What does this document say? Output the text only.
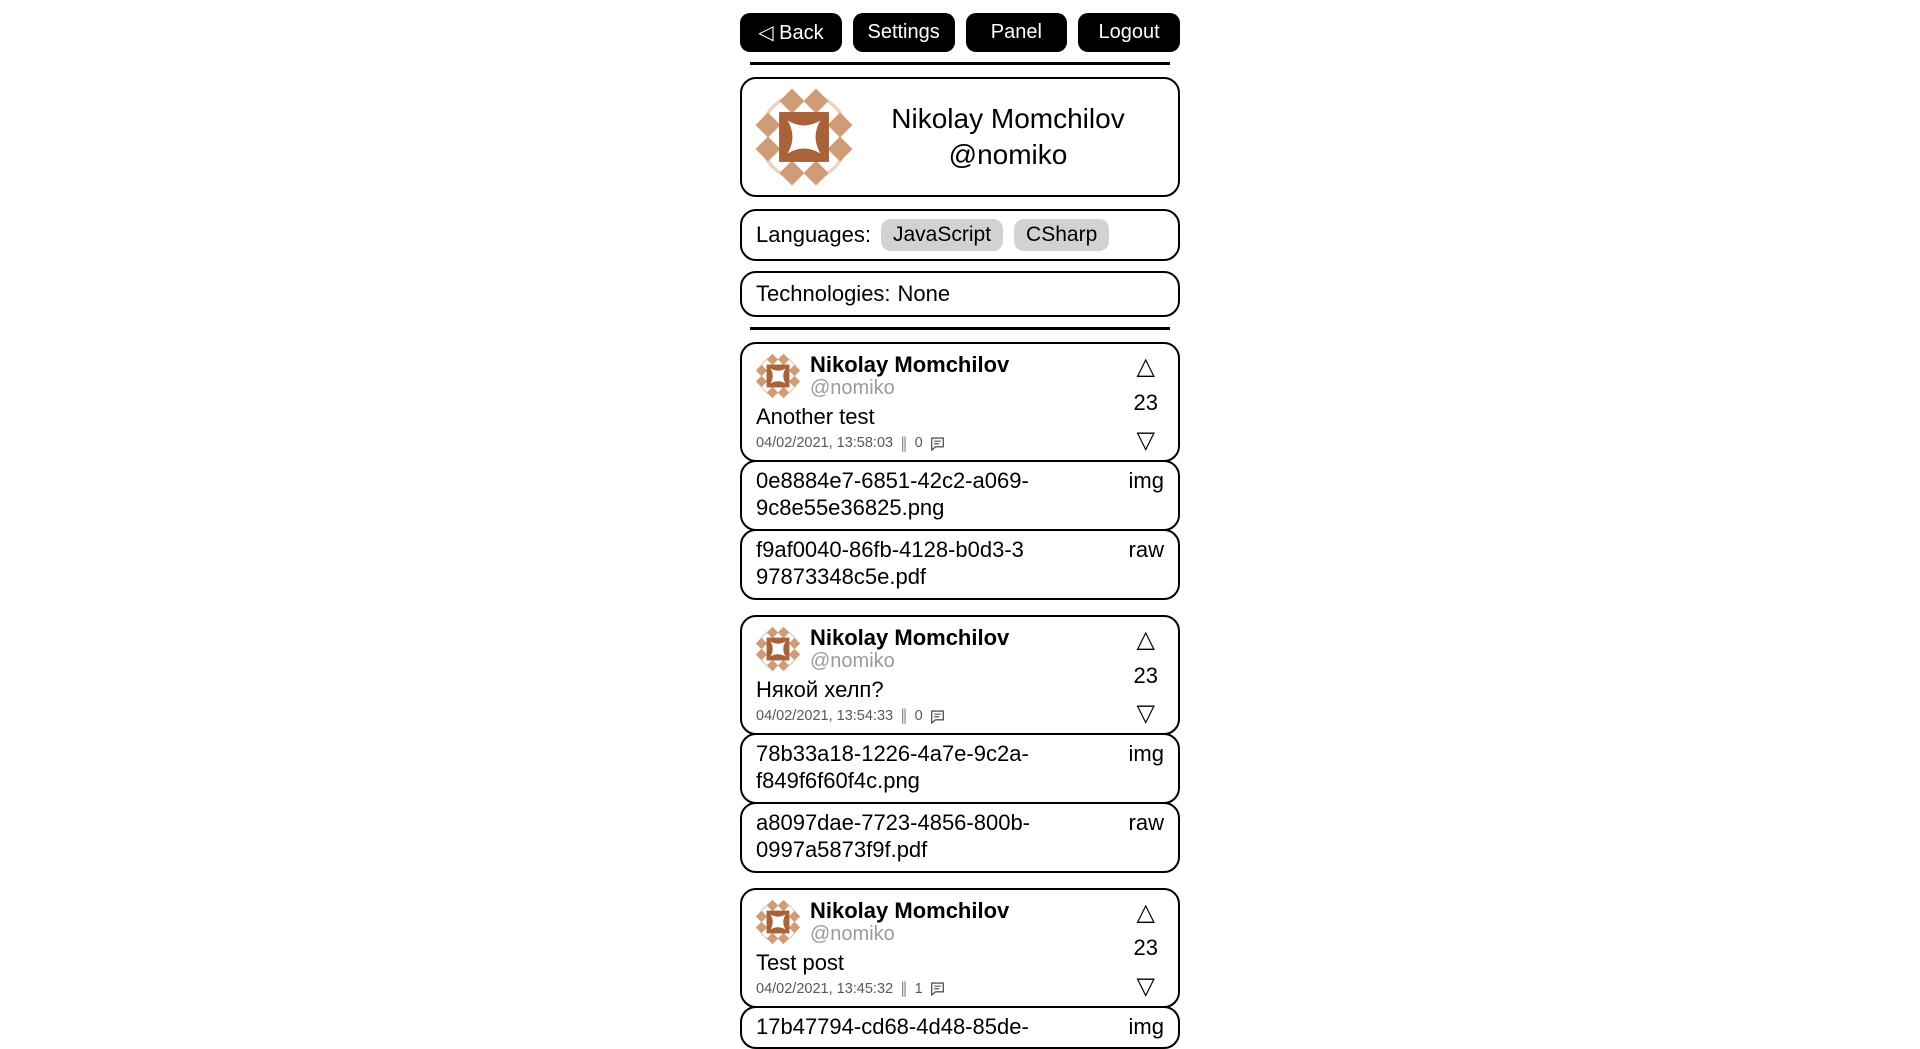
◁ Back	Settings	Panel	Logout
Nikolay Momchilov
@nomiko
Languages:	JavaScript	CSharp
Technologies: None
Nikolay Momchilov
@nomiko
Another test
04/02/2021, 13:58:03 ‖ 0
△
23
▽
0e8884e7-6851-42c2-a069-9c8e55e36825.png
img
f9af0040-86fb-4128-b0d3-397873348c5e.pdf
raw
Nikolay Momchilov
@nomiko
Някой хелп?
04/02/2021, 13:54:33 ‖ 0
△
23
▽
78b33a18-1226-4a7e-9c2a-f849f6f60f4c.png
img
a8097dae-7723-4856-800b-0997a5873f9f.pdf
raw
Nikolay Momchilov
@nomiko
Test post
04/02/2021, 13:45:32 ‖ 1
△
23
▽
17b47794-cd68-4d48-85de-	img
